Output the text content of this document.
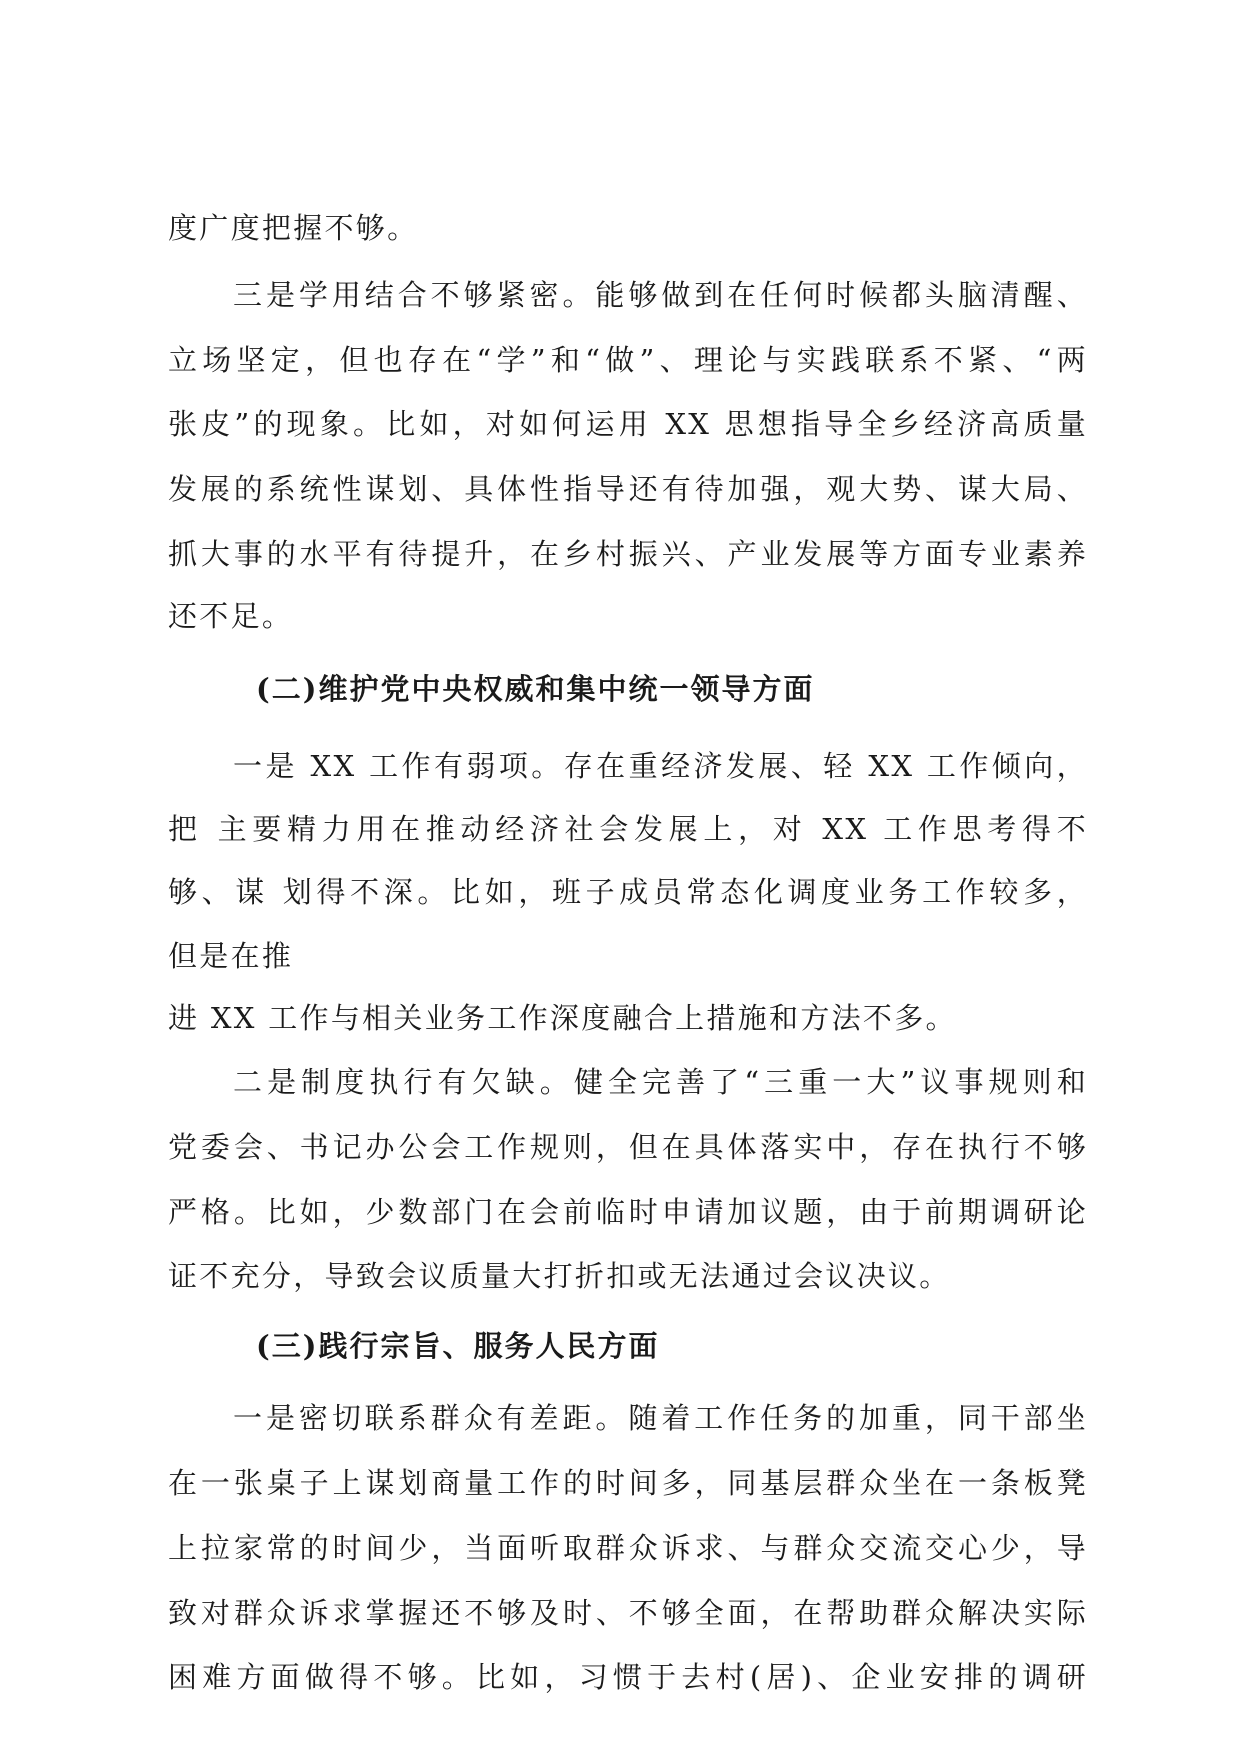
度广度把握不够。
三是学用结合不够紧密。能够做到在任何时候都头脑清醒、
立场坚定，但也存在“学”和“做”、理论与实践联系不紧、“两
张皮”的现象。比如，对如何运用 XX 思想指导全乡经济高质量
发展的系统性谋划、具体性指导还有待加强，观大势、谋大局、
抓大事的水平有待提升，在乡村振兴、产业发展等方面专业素养
还不足。
(二)维护党中央权威和集中统一领导方面
一是 XX 工作有弱项。存在重经济发展、轻 XX 工作倾向，
把 主要精力用在推动经济社会发展上，对 XX 工作思考得不
够、谋 划得不深。比如，班子成员常态化调度业务工作较多，
但是在推
进 XX 工作与相关业务工作深度融合上措施和方法不多。
二是制度执行有欠缺。健全完善了“三重一大”议事规则和
党委会、书记办公会工作规则，但在具体落实中，存在执行不够
严格。比如，少数部门在会前临时申请加议题，由于前期调研论
证不充分，导致会议质量大打折扣或无法通过会议决议。
(三)践行宗旨、服务人民方面
一是密切联系群众有差距。随着工作任务的加重，同干部坐
在一张桌子上谋划商量工作的时间多，同基层群众坐在一条板凳
上拉家常的时间少，当面听取群众诉求、与群众交流交心少，导
致对群众诉求掌握还不够及时、不够全面，在帮助群众解决实际
困难方面做得不够。比如，习惯于去村(居)、企业安排的调研
